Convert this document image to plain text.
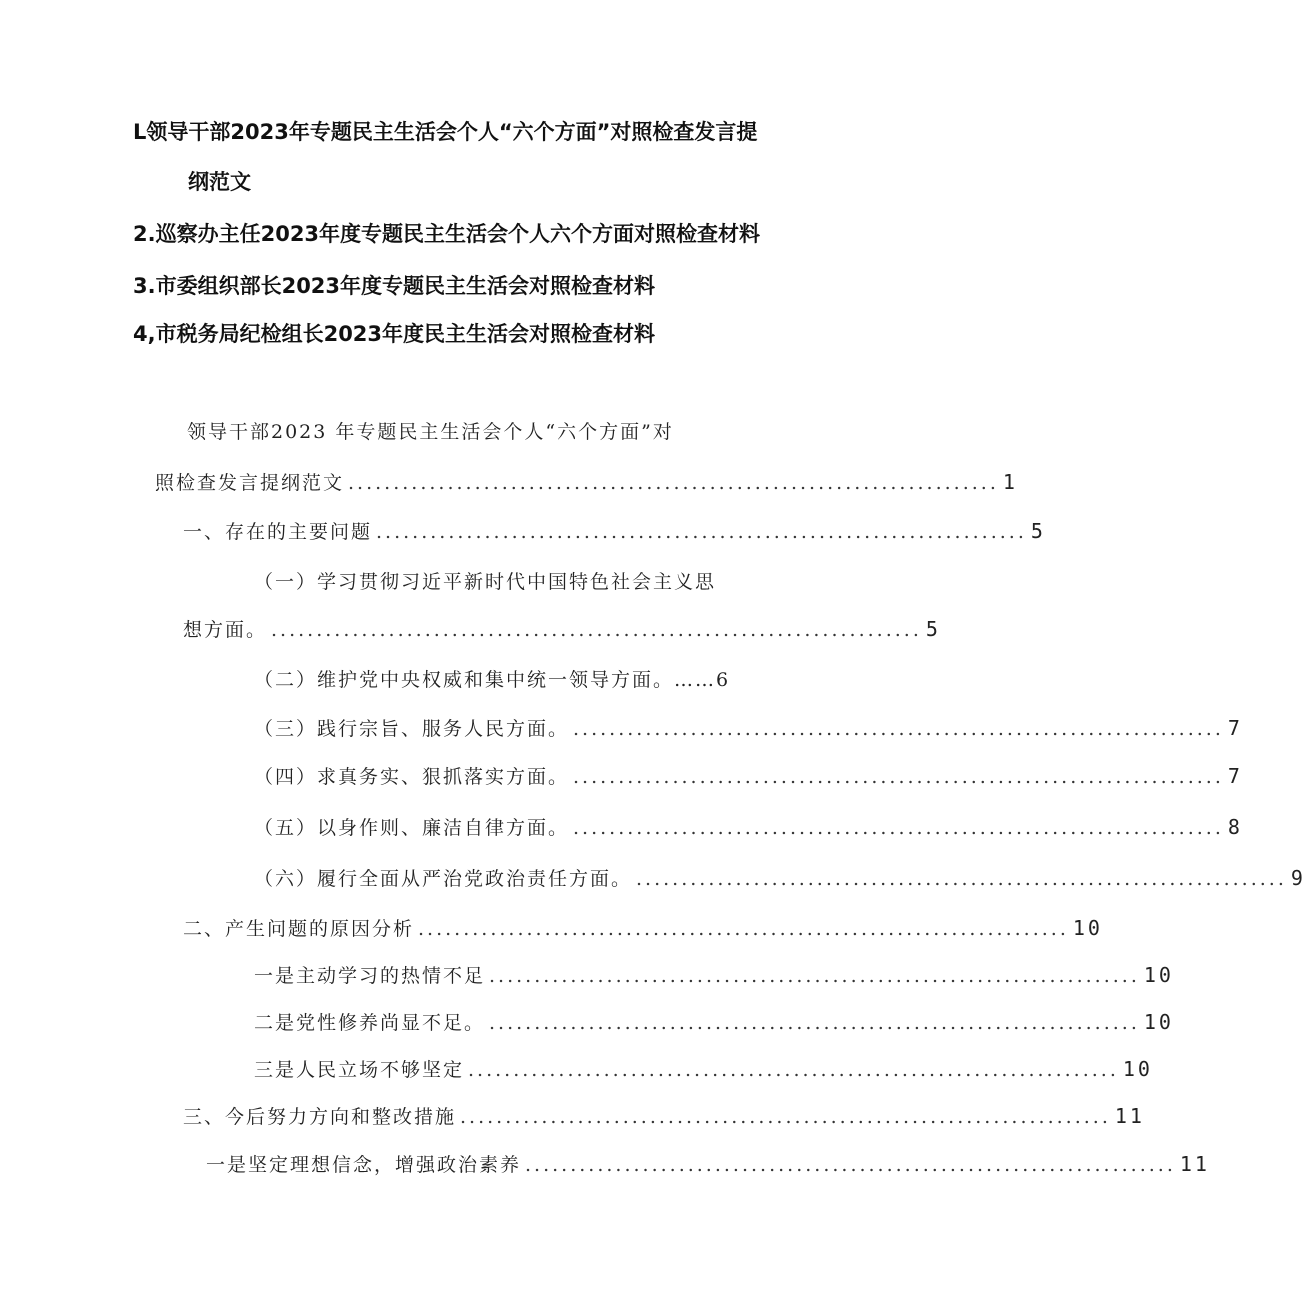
L领导干部2023年专题民主生活会个人“六个方面”对照检查发言提
纲范文
2.巡察办主任2023年度专题民主生活会个人六个方面对照检查材料
3.市委组织部长2023年度专题民主生活会对照检查材料
4,市税务局纪检组长2023年度民主生活会对照检查材料
领导干部2023 年专题民主生活会个人“六个方面”对
照检查发言提纲范文 ........................................................................ 1
一、存在的主要问题 ........................................................................ 5
（一）学习贯彻习近平新时代中国特色社会主义思
想方面。 ........................................................................ 5
（二）维护党中央权威和集中统一领导方面。……6
（三）践行宗旨、服务人民方面。 ........................................................................ 7
（四）求真务实、狠抓落实方面。 ........................................................................ 7
（五）以身作则、廉洁自律方面。 ........................................................................ 8
（六）履行全面从严治党政治责任方面。 ........................................................................ 9
二、产生问题的原因分析 ........................................................................ 10
一是主动学习的热情不足 ........................................................................ 10
二是党性修养尚显不足。 ........................................................................ 10
三是人民立场不够坚定 ........................................................................ 10
三、今后努力方向和整改措施 ........................................................................ 11
一是坚定理想信念，增强政治素养 ........................................................................ 11
